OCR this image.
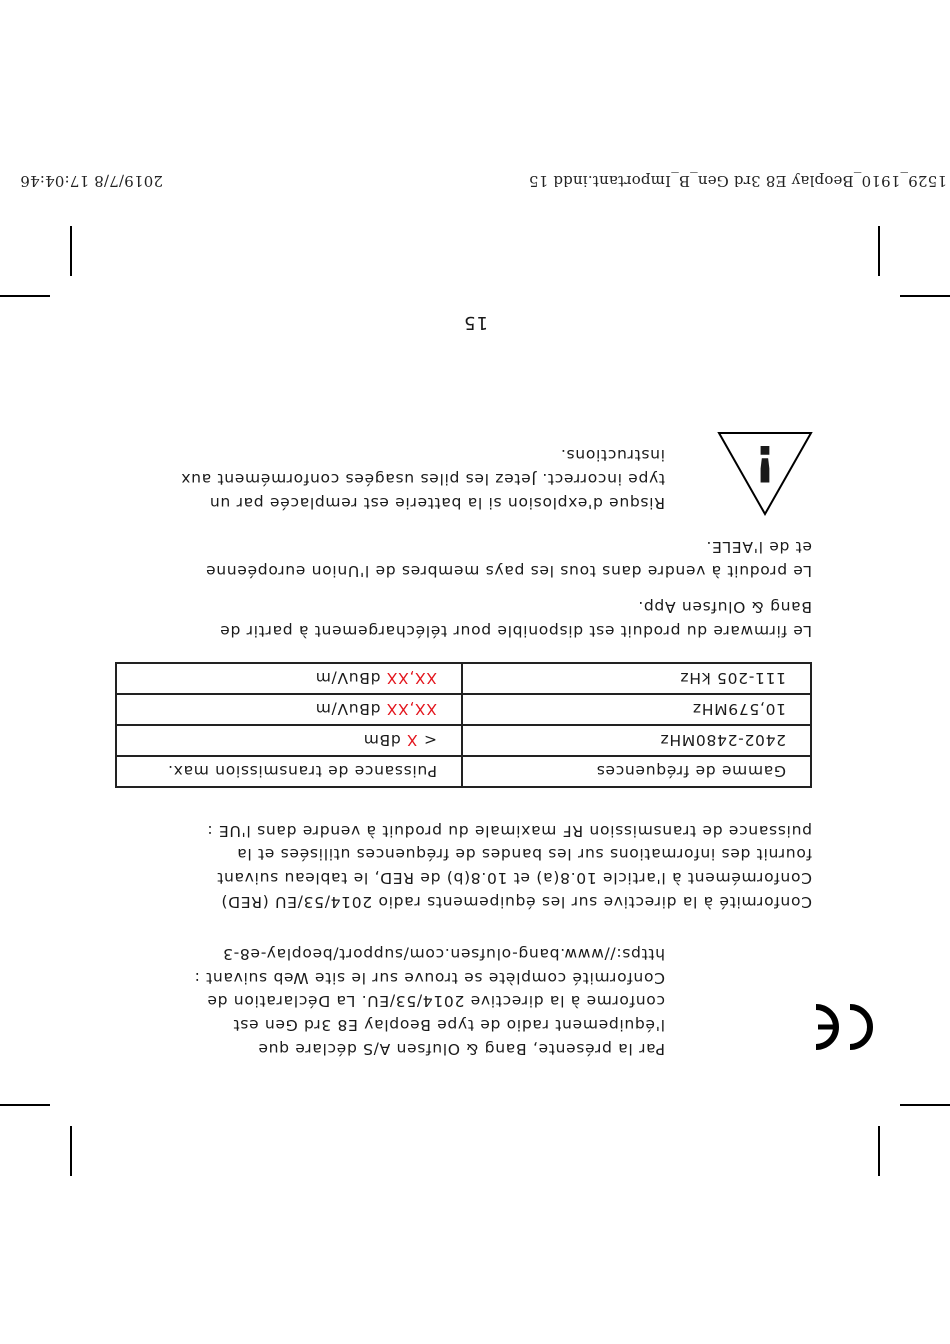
1529_1910_Beoplay E8 3rd Gen_B_Important.indd 15
2019/7/8 17:04:46

Par la présente, Bang & Olufsen A/S déclare que
l'équipement radio de type Beoplay E8 3rd Gen est
conforme à la directive 2014/53/EU. La Déclaration de
Conformité complète se trouve sur le site Web suivant :
https://www.bang-olufsen.com/support/beoplay-e8-3

Conformité à la directive sur les équipements radio 2014/53/EU (RED)
Conformément à l'article 10.8(a) et 10.8(b) de RED, le tableau suivant
fournit des informations sur les bandes de fréquences utilisées et la
puissance de transmission RF maximale du produit à vendre dans l'UE :

Gamme de fréquences	Puissance de transmission max.
2402-2480MHz	< X dBm
10,579MHz	XX,XX dBuV/m
111-205 kHz	XX,XX dBuV/m

Le firmware du produit est disponible pour téléchargement à partir de
Bang & Olufsen App.

Le produit à vendre dans tous les pays membres de l'Union européenne
et de l'AELE.

!

Risque d'explosion si la batterie est remplacée par un
type incorrect. Jetez les piles usagées conformément aux
instructions.

15
